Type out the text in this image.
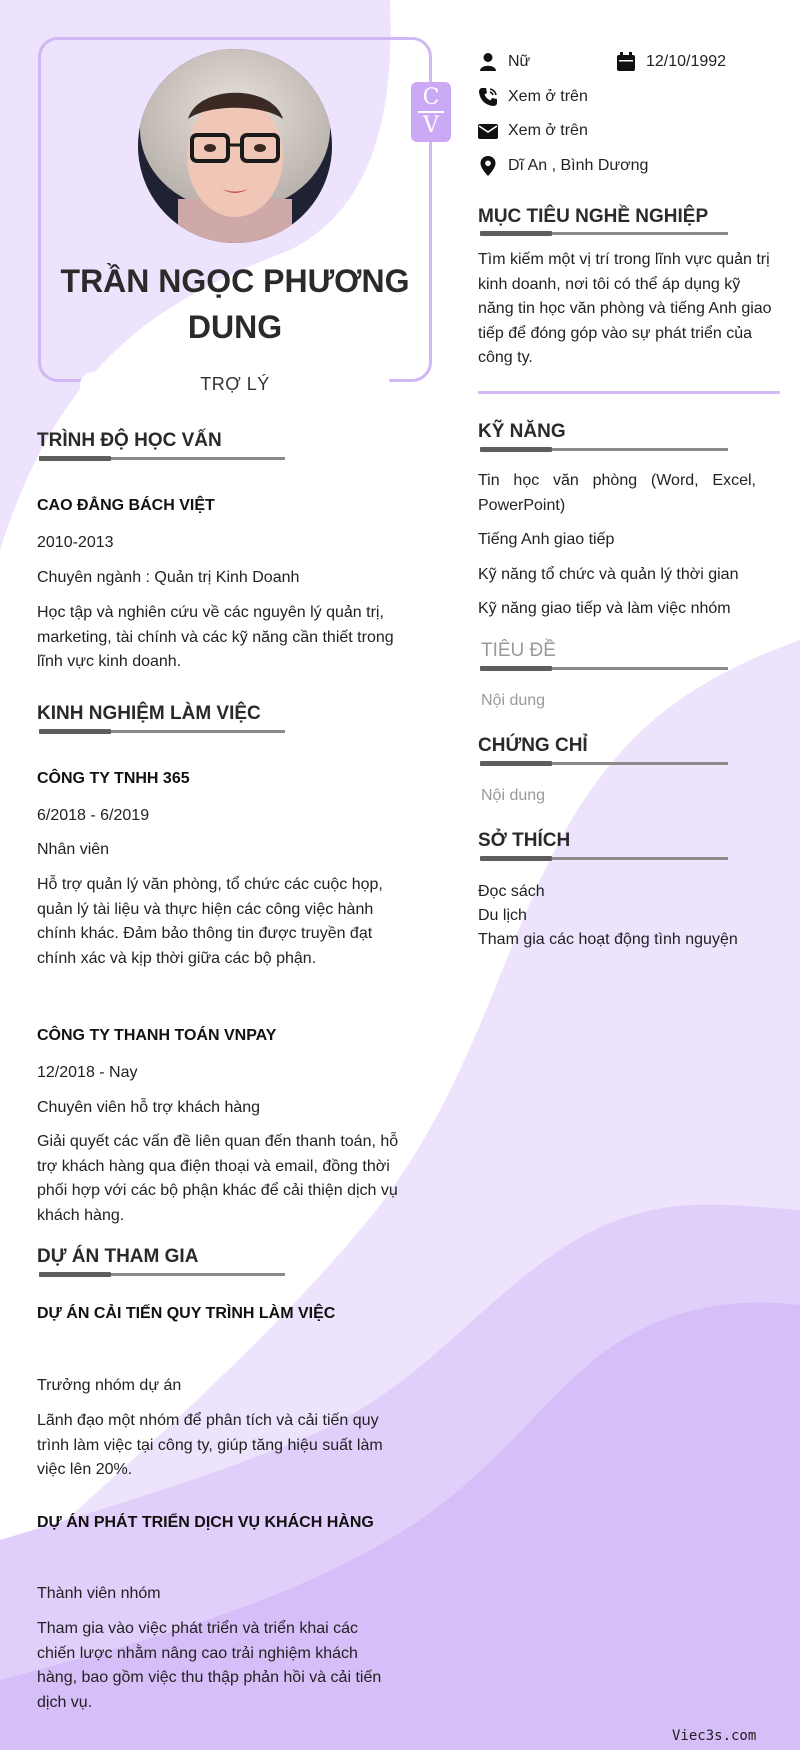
TRẦN NGỌC PHƯƠNG DUNG
TRỢ LÝ
C
V
Nữ	12/10/1992
Xem ở trên
Xem ở trên
Dĩ An , Bình Dương
MỤC TIÊU NGHỀ NGHIỆP
Tìm kiếm một vị trí trong lĩnh vực quản trị kinh doanh, nơi tôi có thể áp dụng kỹ năng tin học văn phòng và tiếng Anh giao tiếp để đóng góp vào sự phát triển của công ty.
KỸ NĂNG
Tin học văn phòng (Word, Excel, PowerPoint)
Tiếng Anh giao tiếp
Kỹ năng tổ chức và quản lý thời gian
Kỹ năng giao tiếp và làm việc nhóm
TIÊU ĐỀ
Nội dung
CHỨNG CHỈ
Nội dung
SỞ THÍCH
Đọc sách
Du lịch
Tham gia các hoạt động tình nguyện
TRÌNH ĐỘ HỌC VẤN
CAO ĐẲNG BÁCH VIỆT
2010-2013
Chuyên ngành : Quản trị Kinh Doanh
Học tập và nghiên cứu về các nguyên lý quản trị, marketing, tài chính và các kỹ năng cần thiết trong lĩnh vực kinh doanh.
KINH NGHIỆM LÀM VIỆC
CÔNG TY TNHH 365
6/2018 - 6/2019
Nhân viên
Hỗ trợ quản lý văn phòng, tổ chức các cuộc họp, quản lý tài liệu và thực hiện các công việc hành chính khác. Đảm bảo thông tin được truyền đạt chính xác và kịp thời giữa các bộ phận.
CÔNG TY THANH TOÁN VNPAY
12/2018 - Nay
Chuyên viên hỗ trợ khách hàng
Giải quyết các vấn đề liên quan đến thanh toán, hỗ trợ khách hàng qua điện thoại và email, đồng thời phối hợp với các bộ phận khác để cải thiện dịch vụ khách hàng.
DỰ ÁN THAM GIA
DỰ ÁN CẢI TIẾN QUY TRÌNH LÀM VIỆC
Trưởng nhóm dự án
Lãnh đạo một nhóm để phân tích và cải tiến quy trình làm việc tại công ty, giúp tăng hiệu suất làm việc lên 20%.
DỰ ÁN PHÁT TRIỂN DỊCH VỤ KHÁCH HÀNG
Thành viên nhóm
Tham gia vào việc phát triển và triển khai các chiến lược nhằm nâng cao trải nghiệm khách hàng, bao gồm việc thu thập phản hồi và cải tiến dịch vụ.
Viec3s.com
